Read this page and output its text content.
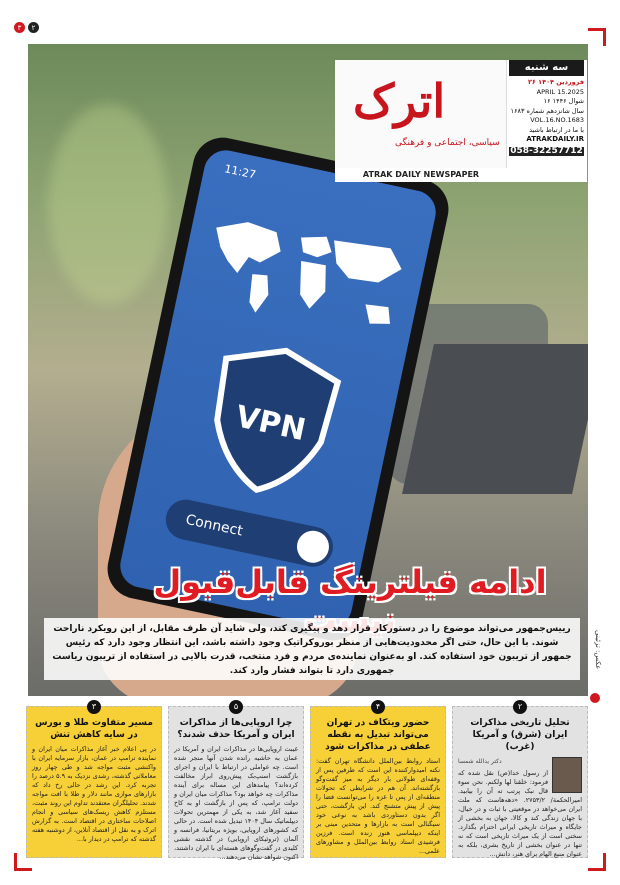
۳	۲
11:27
VPN
Connect
اترک
سیاسی، اجتماعی و فرهنگی
ATRAK DAILY NEWSPAPER
سه شنبه
۲۶ فروردین ۱۴۰۴
APRIL 15.2025
۱۶ شوال ۱۴۴۶
سال شانزدهم شماره ۱۶۸۳
VOL.16.NO.1683
با ما در ارتباط باشید
ATRAKDAILY.IR
058-32257712
ادامه فیلترینگ قابل‌قبول
رییس‌جمهور می‌تواند موضوع را در دستورکار قرار دهد و پیگیری کند، ولی شاید آن طرف مقابل، از این رویکرد ناراحت شوند. با این حال، حتی اگر محدودیت‌هایی از منظر بوروکراتیک وجود داشته باشد، این انتظار وجود دارد که رئیس جمهور از تریبون خود استفاده کند. او به‌عنوان نماینده‌ی مردم و فرد منتخب، قدرت بالایی در استفاده از تریبون ریاست جمهوری دارد تا بتواند فشار وارد کند.
عکس: تزئینی
۳
مسیر متفاوت طلا و بورس در سایه کاهش تنش

در پی اعلام خبر آغاز مذاکرات میان ایران و نماینده ترامپ در عمان، بازار سرمایه ایران با واکنشی مثبت مواجه شد و طی چهار روز معاملاتی گذشته، رشدی نزدیک به ۵.۹ درصد را تجربه کرد. این رشد در حالی رخ داد که بازارهای موازی مانند دلار و طلا با افت مواجه شدند. تحلیلگران معتقدند تداوم این روند مثبت، مستلزم کاهش ریسک‌های سیاسی و انجام اصلاحات ساختاری در اقتصاد است. به گزارش اترک و به نقل از اقتصاد آنلاین، از دوشنبه هفته گذشته که ترامپ در دیدار با...

۵
چرا اروپایی‌ها از مذاکرات ایران و آمریکا حذف شدند؟

غیبت اروپایی‌ها در مذاکرات ایران و آمریکا در عمان به حاشیه رانده شدن آنها منجر شده است. چه عواملی در ارتباط با ایران و اجرای بازگشت اسنپ‌بک پیش‌روی ابراز مخالفت کرده‌اند؟ پیامدهای این مساله برای آینده مذاکرات چه خواهد بود؟ مذاکرات میان ایران و دولت ترامپ، که پس از بازگشت او به کاخ سفید آغاز شد، به یکی از مهمترین تحولات دیپلماتیک سال ۱۴۰۴ تبدیل شده است. در حالی که کشورهای اروپایی، بویژه بریتانیا، فرانسه و آلمان (تروئیکای اروپایی) در گذشته نقشی کلیدی در گفت‌وگوهای هسته‌ای با ایران داشتند، اکنون شواهد نشان می‌دهند...

۴
حضور ویتکاف در تهران می‌تواند تبدیل به نقطه عطفی در مذاکرات شود

استاد روابط بین‌الملل دانشگاه تهران گفت: نکته امیدوارکننده این است که طرفین پس از وقفه‌ای طولانی بار دیگر به میز گفت‌وگو بازگشته‌اند. آن هم در شرایطی که تحولات منطقه‌ای از پس تا غزه را می‌توانست فضا را پیش از پیش متشنج کند. این بازگشت، حتی اگر بدون دستاوردی باشد به نوعی خود سیگنالی است به بازارها و متحدین مبنی بر اینکه دیپلماسی هنوز زنده است. فرزین فرشیدی استاد روابط بین‌الملل و مشاورهای علمی...

۲
تحلیل تاریخی مذاکرات ایران (شرق) و آمریکا (غرب)
دکتر یدالله شمسا

از رسول خدا(ص) نقل شده که فرمود: خلقنا لها ولكنم. نحن سوء قال نبک پرتب ته آن را بیابید. امیرالحکمة/ ۲۷۵۳/۲. «دهه‌هاست که ملت ایران می‌خواهد در موقعیتی با ثبات و در خیال، با جهان زندگی کند و کالا، جهان به بخشی از جایگاه و میراث تاریخی ایرانی احترام بگذارد. سختی است از یک میراث تاریخی است که نه تنها در عنوان بخشی از تاریخ بشری، بلکه به عنوان منبع الهام برای هنر، دانش...
